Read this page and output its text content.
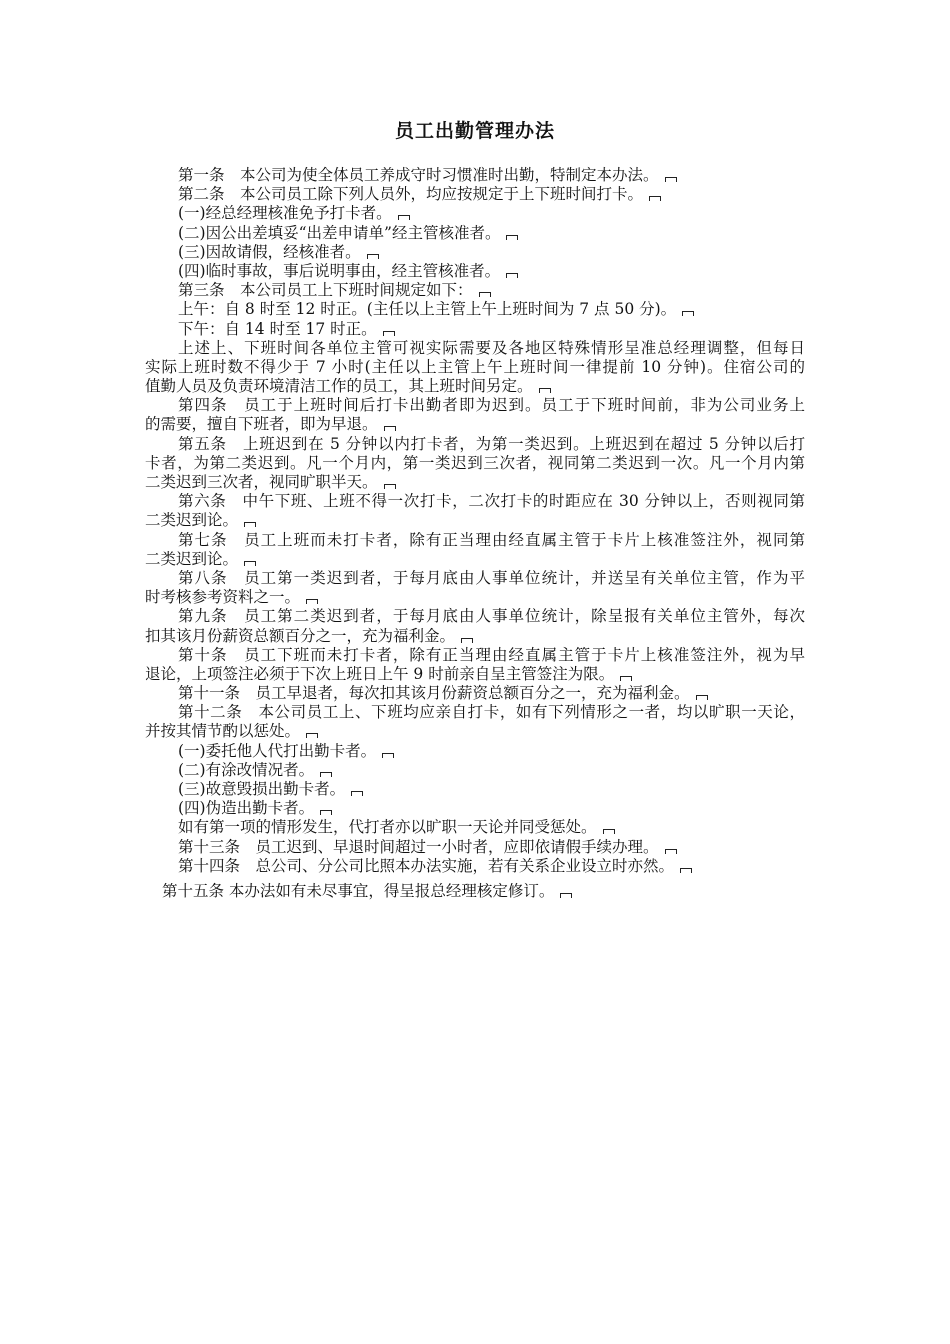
员工出勤管理办法
第一条　本公司为使全体员工养成守时习惯准时出勤，特制定本办法。
第二条　本公司员工除下列人员外，均应按规定于上下班时间打卡。
(一)经总经理核准免予打卡者。
(二)因公出差填妥“出差申请单”经主管核准者。
(三)因故请假，经核准者。
(四)临时事故，事后说明事由，经主管核准者。
第三条　本公司员工上下班时间规定如下：
上午：自 8 时至 12 时正。(主任以上主管上午上班时间为 7 点 50 分)。
下午：自 14 时至 17 时正。
上述上、下班时间各单位主管可视实际需要及各地区特殊情形呈准总经理调整，但每日
实际上班时数不得少于 7 小时(主任以上主管上午上班时间一律提前 10 分钟)。住宿公司的
值勤人员及负责环境清洁工作的员工，其上班时间另定。
第四条　员工于上班时间后打卡出勤者即为迟到。员工于下班时间前，非为公司业务上
的需要，擅自下班者，即为早退。
第五条　上班迟到在 5 分钟以内打卡者，为第一类迟到。上班迟到在超过 5 分钟以后打
卡者，为第二类迟到。凡一个月内，第一类迟到三次者，视同第二类迟到一次。凡一个月内第
二类迟到三次者，视同旷职半天。
第六条　中午下班、上班不得一次打卡，二次打卡的时距应在 30 分钟以上，否则视同第
二类迟到论。
第七条　员工上班而未打卡者，除有正当理由经直属主管于卡片上核准签注外，视同第
二类迟到论。
第八条　员工第一类迟到者，于每月底由人事单位统计，并送呈有关单位主管，作为平
时考核参考资料之一。
第九条　员工第二类迟到者，于每月底由人事单位统计，除呈报有关单位主管外，每次
扣其该月份薪资总额百分之一，充为福利金。
第十条　员工下班而未打卡者，除有正当理由经直属主管于卡片上核准签注外，视为早
退论，上项签注必须于下次上班日上午 9 时前亲自呈主管签注为限。
第十一条　员工早退者，每次扣其该月份薪资总额百分之一，充为福利金。
第十二条　本公司员工上、下班均应亲自打卡，如有下列情形之一者，均以旷职一天论，
并按其情节酌以惩处。
(一)委托他人代打出勤卡者。
(二)有涂改情况者。
(三)故意毁损出勤卡者。
(四)伪造出勤卡者。
如有第一项的情形发生，代打者亦以旷职一天论并同受惩处。
第十三条　员工迟到、早退时间超过一小时者，应即依请假手续办理。
第十四条　总公司、分公司比照本办法实施，若有关系企业设立时亦然。
第十五条 本办法如有未尽事宜，得呈报总经理核定修订。
